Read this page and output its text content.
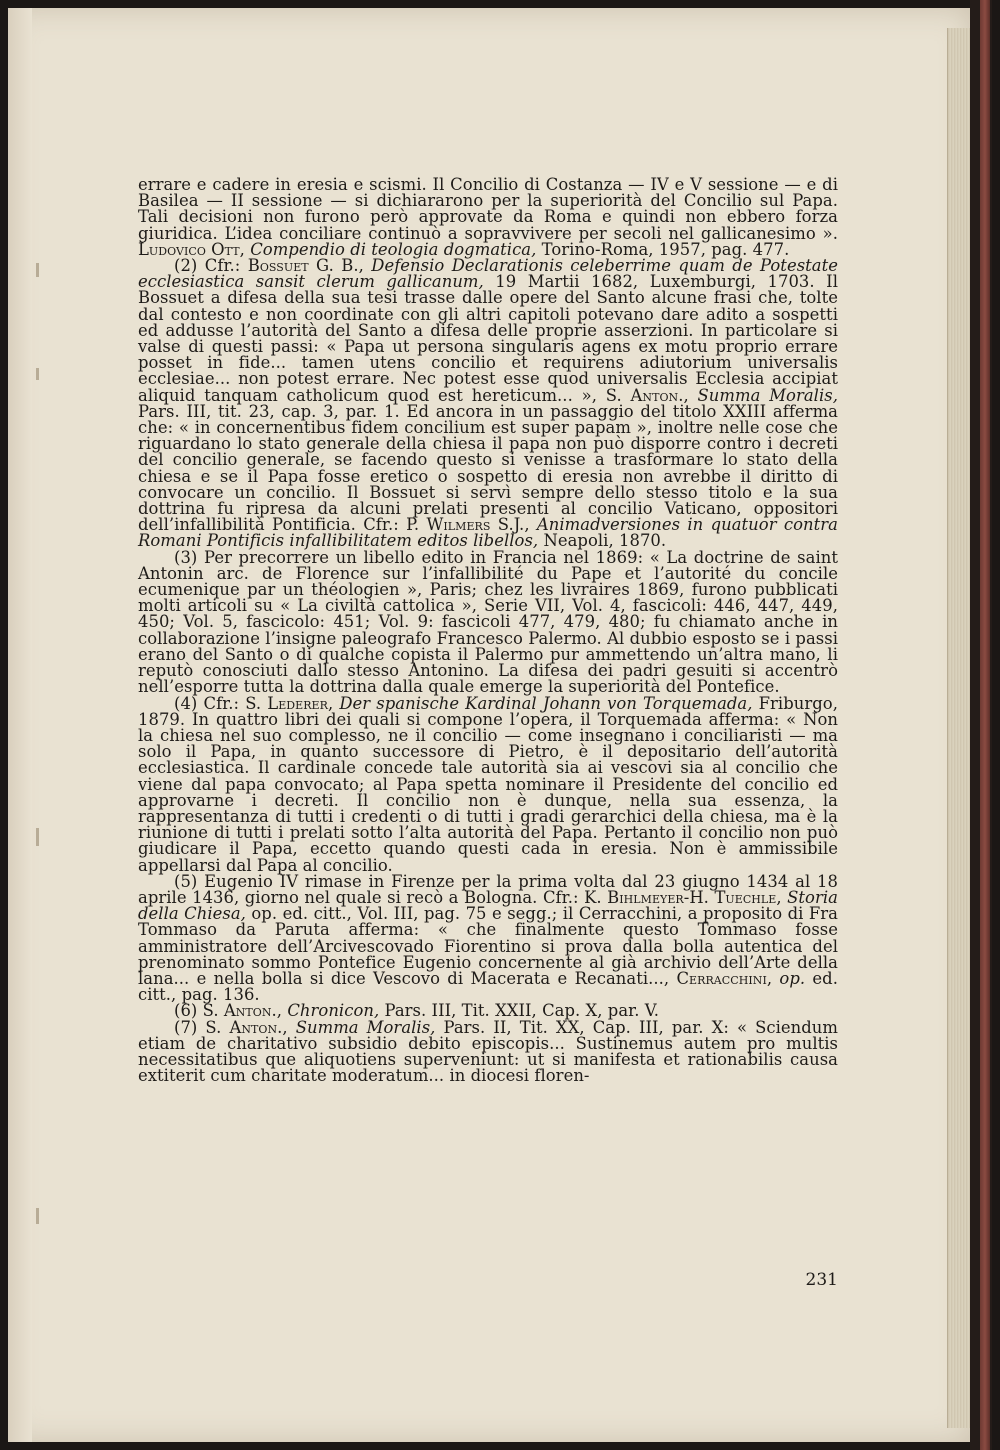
errare e cadere in eresia e scismi. Il Concilio di Costanza — IV e V sessione — e di Basilea — II sessione — si dichiararono per la superiorità del Concilio sul Papa. Tali decisioni non furono però approvate da Roma e quindi non ebbero forza giuridica. L’idea conciliare continuò a sopravvivere per secoli nel gallicanesimo ». Ludovico Ott, Compendio di teologia dogmatica, Torino-Roma, 1957, pag. 477.

(2) Cfr.: Bossuet G. B., Defensio Declarationis celeberrime quam de Potestate ecclesiastica sansit clerum gallicanum, 19 Martii 1682, Luxemburgi, 1703. Il Bossuet a difesa della sua tesi trasse dalle opere del Santo alcune frasi che, tolte dal contesto e non coordinate con gli altri capitoli potevano dare adito a sospetti ed addusse l’autorità del Santo a difesa delle proprie asserzioni. In particolare si valse di questi passi: « Papa ut persona singularis agens ex motu proprio errare posset in fide... tamen utens concilio et requirens adiutorium universalis ecclesiae... non potest errare. Nec potest esse quod universalis Ecclesia accipiat aliquid tanquam catholicum quod est hereticum... », S. Anton., Summa Moralis, Pars. III, tit. 23, cap. 3, par. 1. Ed ancora in un passaggio del titolo XXIII afferma che: « in concernentibus fidem concilium est super papam », inoltre nelle cose che riguardano lo stato generale della chiesa il papa non può disporre contro i decreti del concilio generale, se facendo questo si venisse a trasformare lo stato della chiesa e se il Papa fosse eretico o sospetto di eresia non avrebbe il diritto di convocare un concilio. Il Bossuet si servì sempre dello stesso titolo e la sua dottrina fu ripresa da alcuni prelati presenti al concilio Vaticano, oppositori dell’infallibilità Pontificia. Cfr.: P. Wilmers S.J., Animadversiones in quatuor contra Romani Pontificis infallibilitatem editos libellos, Neapoli, 1870.

(3) Per precorrere un libello edito in Francia nel 1869: « La doctrine de saint Antonin arc. de Florence sur l’infallibilité du Pape et l’autorité du concile ecumenique par un théologien », Paris; chez les livraires 1869, furono pubblicati molti articoli su « La civiltà cattolica », Serie VII, Vol. 4, fascicoli: 446, 447, 449, 450; Vol. 5, fascicolo: 451; Vol. 9: fascicoli 477, 479, 480; fu chiamato anche in collaborazione l’insigne paleografo Francesco Palermo. Al dubbio esposto se i passi erano del Santo o di qualche copista il Palermo pur ammettendo un’altra mano, li reputò conosciuti dallo stesso Antonino. La difesa dei padri gesuiti si accentrò nell’esporre tutta la dottrina dalla quale emerge la superiorità del Pontefice.

(4) Cfr.: S. Lederer, Der spanische Kardinal Johann von Torquemada, Friburgo, 1879. In quattro libri dei quali si compone l’opera, il Torquemada afferma: « Non la chiesa nel suo complesso, ne il concilio — come insegnano i conciliaristi — ma solo il Papa, in quanto successore di Pietro, è il depositario dell’autorità ecclesiastica. Il cardinale concede tale autorità sia ai vescovi sia al concilio che viene dal papa convocato; al Papa spetta nominare il Presidente del concilio ed approvarne i decreti. Il concilio non è dunque, nella sua essenza, la rappresentanza di tutti i credenti o di tutti i gradi gerarchici della chiesa, ma è la riunione di tutti i prelati sotto l’alta autorità del Papa. Pertanto il concilio non può giudicare il Papa, eccetto quando questi cada in eresia. Non è ammissibile appellarsi dal Papa al concilio.

(5) Eugenio IV rimase in Firenze per la prima volta dal 23 giugno 1434 al 18 aprile 1436, giorno nel quale si recò a Bologna. Cfr.: K. Bihlmeyer-H. Tuechle, Storia della Chiesa, op. ed. citt., Vol. III, pag. 75 e segg.; il Cerracchini, a proposito di Fra Tommaso da Paruta afferma: « che finalmente questo Tommaso fosse amministratore dell’Arcivescovado Fiorentino si prova dalla bolla autentica del prenominato sommo Pontefice Eugenio concernente al già archivio dell’Arte della lana... e nella bolla si dice Vescovo di Macerata e Recanati..., Cerracchini, op. ed. citt., pag. 136.

(6) S. Anton., Chronicon, Pars. III, Tit. XXII, Cap. X, par. V.

(7) S. Anton., Summa Moralis, Pars. II, Tit. XX, Cap. III, par. X: « Sciendum etiam de charitativo subsidio debito episcopis... Sustinemus autem pro multis necessitatibus que aliquotiens superveniunt: ut si manifesta et rationabilis causa extiterit cum charitate moderatum... in diocesi floren-

231
